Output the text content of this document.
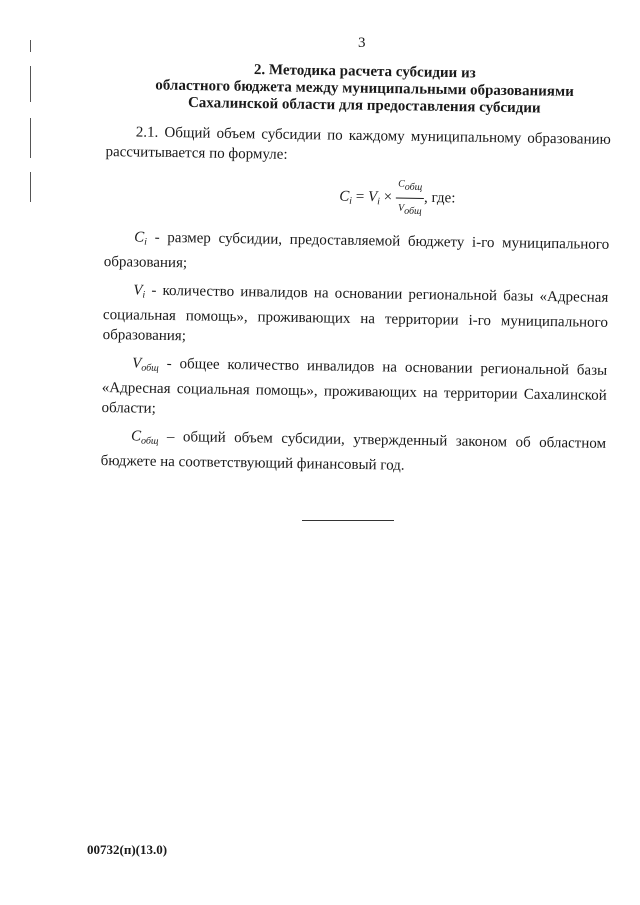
3
2. Методика расчета субсидии из
областного бюджета между муниципальными образованиями
Сахалинской области для предоставления субсидии

2.1. Общий объем субсидии по каждому муниципальному образованию рассчитывается по формуле:

$C_i = V_i \times \frac{\text{Cобщ}}{\text{Vобщ}}$ , где:

$C_i$ - размер субсидии, предоставляемой бюджету i-го муниципального образования;

$V_i$ - количество инвалидов на основании региональной базы «Адресная социальная помощь», проживающих на территории i-го муниципального образования;

$V_{общ}$ - общее количество инвалидов на основании региональной базы «Адресная социальная помощь», проживающих на территории Сахалинской области;

$C_{общ}$ – общий объем субсидии, утвержденный законом об областном бюджете на соответствующий финансовый год.

00732(п)(13.0)
